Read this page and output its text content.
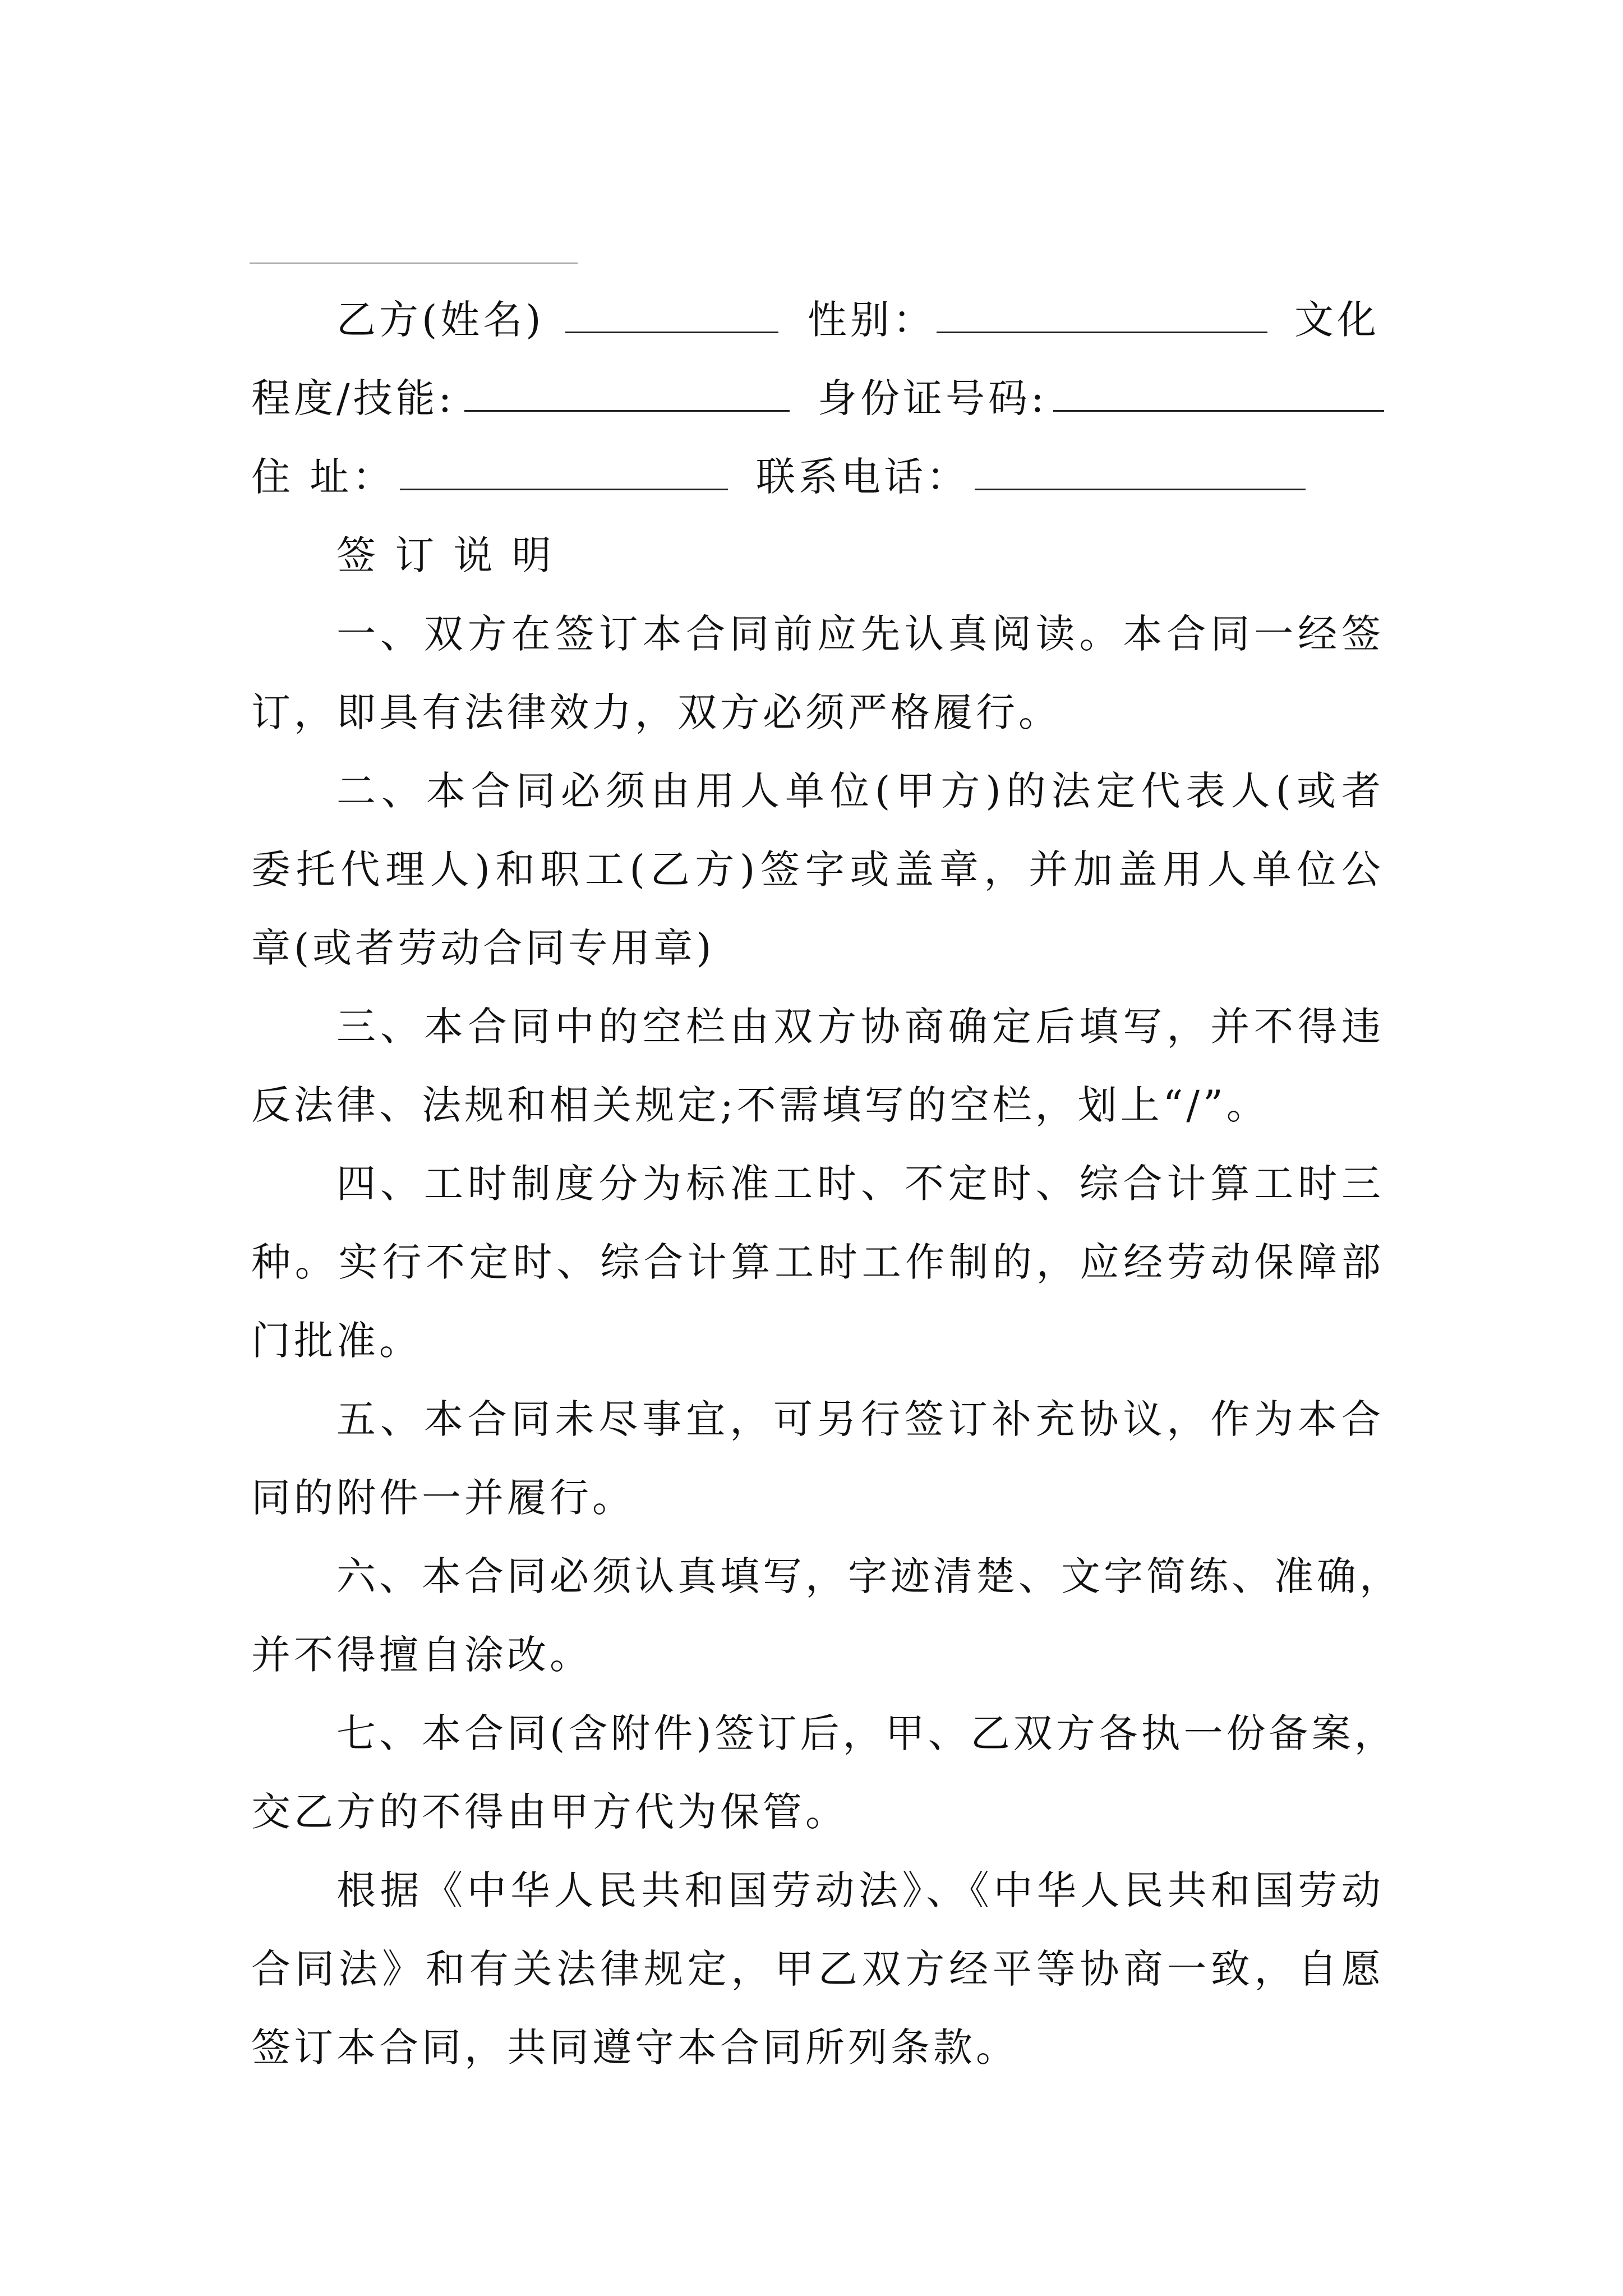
乙方(姓名)	性别：	文化
程度/技能:	身份证号码:
住 址：	联系电话：
签 订 说 明
一、双方在签订本合同前应先认真阅读。本合同一经签
订，即具有法律效力，双方必须严格履行。
二、本合同必须由用人单位(甲方)的法定代表人(或者
委托代理人)和职工(乙方)签字或盖章，并加盖用人单位公
章(或者劳动合同专用章)
三、本合同中的空栏由双方协商确定后填写，并不得违
反法律、法规和相关规定;不需填写的空栏，划上“/”。
四、工时制度分为标准工时、不定时、综合计算工时三
种。实行不定时、综合计算工时工作制的，应经劳动保障部
门批准。
五、本合同未尽事宜，可另行签订补充协议，作为本合
同的附件一并履行。
六、本合同必须认真填写，字迹清楚、文字简练、准确，
并不得擅自涂改。
七、本合同(含附件)签订后，甲、乙双方各执一份备案，
交乙方的不得由甲方代为保管。
根据《中华人民共和国劳动法》、《中华人民共和国劳动
合同法》和有关法律规定，甲乙双方经平等协商一致，自愿
签订本合同，共同遵守本合同所列条款。
